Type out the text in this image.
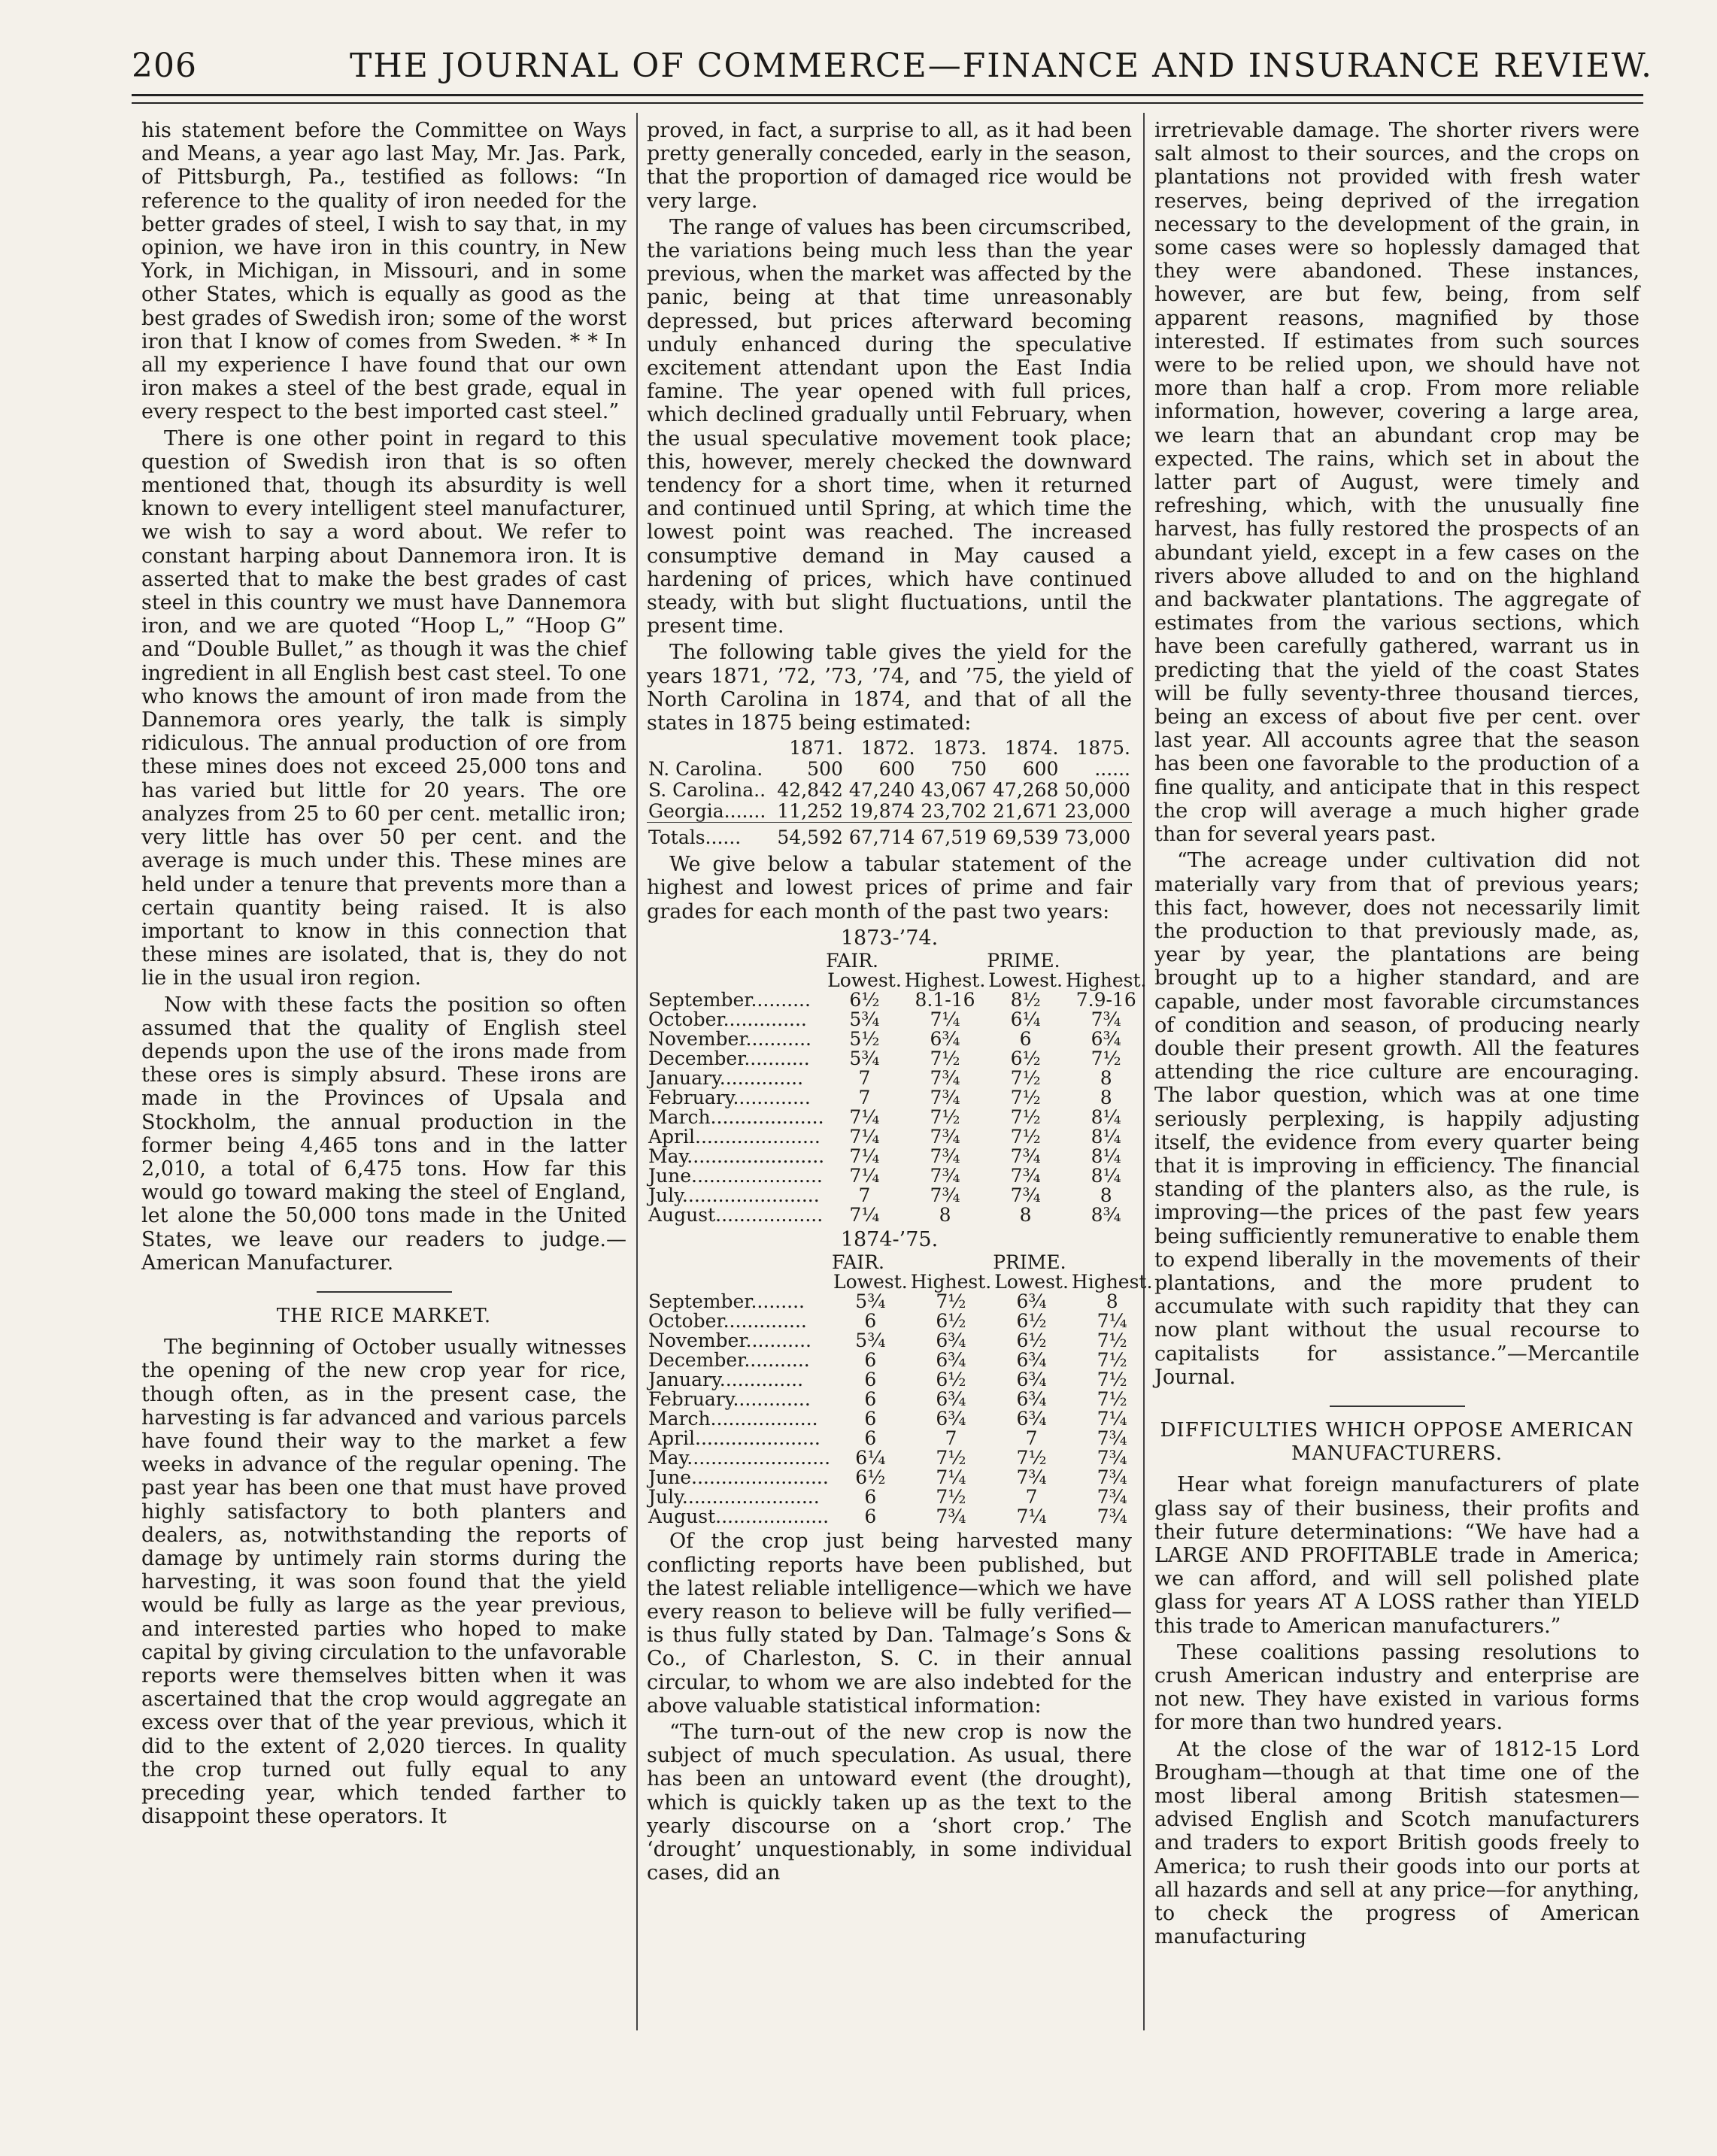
206	THE JOURNAL OF COMMERCE—FINANCE AND INSURANCE REVIEW.

his statement before the Committee on Ways and Means, a year ago last May, Mr. Jas. Park, of Pittsburgh, Pa., testified as follows: “In reference to the quality of iron needed for the better grades of steel, I wish to say that, in my opinion, we have iron in this country, in New York, in Michigan, in Missouri, and in some other States, which is equally as good as the best grades of Swedish iron; some of the worst iron that I know of comes from Sweden. * * In all my experience I have found that our own iron makes a steel of the best grade, equal in every respect to the best imported cast steel.”

There is one other point in regard to this question of Swedish iron that is so often mentioned that, though its absurdity is well known to every intelligent steel manufacturer, we wish to say a word about. We refer to constant harping about Dannemora iron. It is asserted that to make the best grades of cast steel in this country we must have Dannemora iron, and we are quoted “Hoop L,” “Hoop G” and “Double Bullet,” as though it was the chief ingredient in all English best cast steel. To one who knows the amount of iron made from the Dannemora ores yearly, the talk is simply ridiculous. The annual production of ore from these mines does not exceed 25,000 tons and has varied but little for 20 years. The ore analyzes from 25 to 60 per cent. metallic iron; very little has over 50 per cent. and the average is much under this. These mines are held under a tenure that prevents more than a certain quantity being raised. It is also important to know in this connection that these mines are isolated, that is, they do not lie in the usual iron region.

Now with these facts the position so often assumed that the quality of English steel depends upon the use of the irons made from these ores is simply absurd. These irons are made in the Provinces of Upsala and Stockholm, the annual production in the former being 4,465 tons and in the latter 2,010, a total of 6,475 tons. How far this would go toward making the steel of England, let alone the 50,000 tons made in the United States, we leave our readers to judge.—American Manufacturer.

THE RICE MARKET.

The beginning of October usually witnesses the opening of the new crop year for rice, though often, as in the present case, the harvesting is far advanced and various parcels have found their way to the market a few weeks in advance of the regular opening. The past year has been one that must have proved highly satisfactory to both planters and dealers, as, notwithstanding the reports of damage by untimely rain storms during the harvesting, it was soon found that the yield would be fully as large as the year previous, and interested parties who hoped to make capital by giving circulation to the unfavorable reports were themselves bitten when it was ascertained that the crop would aggregate an excess over that of the year previous, which it did to the extent of 2,020 tierces. In quality the crop turned out fully equal to any preceding year, which tended farther to disappoint these operators. It

proved, in fact, a surprise to all, as it had been pretty generally conceded, early in the season, that the proportion of damaged rice would be very large.

The range of values has been circumscribed, the variations being much less than the year previous, when the market was affected by the panic, being at that time unreasonably depressed, but prices afterward becoming unduly enhanced during the speculative excitement attendant upon the East India famine. The year opened with full prices, which declined gradually until February, when the usual speculative movement took place; this, however, merely checked the downward tendency for a short time, when it returned and continued until Spring, at which time the lowest point was reached. The increased consumptive demand in May caused a hardening of prices, which have continued steady, with but slight fluctuations, until the present time.

The following table gives the yield for the years 1871, ’72, ’73, ’74, and ’75, the yield of North Carolina in 1874, and that of all the states in 1875 being estimated:

	1871.	1872.	1873.	1874.	1875.
N. Carolina.	500	600	750	600	......
S. Carolina..	42,842	47,240	43,067	47,268	50,000
Georgia.......	11,252	19,874	23,702	21,671	23,000
Totals......	54,592	67,714	67,519	69,539	73,000

We give below a tabular statement of the highest and lowest prices of prime and fair grades for each month of the past two years:

1873-’74.
	FAIR.		PRIME.	
	Lowest.	Highest.	Lowest.	Highest.
September..........	6½	8.1-16	8½	7.9-16
October..............	5¾	7¼	6¼	7¾
November...........	5½	6¾	6	6¾
December...........	5¾	7½	6½	7½
January..............	7	7¾	7½	8
February.............	7	7¾	7½	8
March...................	7¼	7½	7½	8¼
April.....................	7¼	7¾	7½	8¼
May.......................	7¼	7¾	7¾	8¼
June......................	7¼	7¾	7¾	8¼
July.......................	7	7¾	7¾	8
August..................	7¼	8	8	8¾
1874-’75.
	FAIR.		PRIME.	
	Lowest.	Highest.	Lowest.	Highest.
September.........	5¾	7½	6¾	8
October..............	6	6½	6½	7¼
November...........	5¾	6¾	6½	7½
December...........	6	6¾	6¾	7½
January..............	6	6½	6¾	7½
February.............	6	6¾	6¾	7½
March..................	6	6¾	6¾	7¼
April.....................	6	7	7	7¾
May........................	6¼	7½	7½	7¾
June.......................	6½	7¼	7¾	7¾
July.......................	6	7½	7	7¾
August...................	6	7¾	7¼	7¾

Of the crop just being harvested many conflicting reports have been published, but the latest reliable intelligence—which we have every reason to believe will be fully verified—is thus fully stated by Dan. Talmage’s Sons & Co., of Charleston, S. C. in their annual circular, to whom we are also indebted for the above valuable statistical information:

“The turn-out of the new crop is now the subject of much speculation. As usual, there has been an untoward event (the drought), which is quickly taken up as the text to the yearly discourse on a ‘short crop.’ The ‘drought’ unquestionably, in some individual cases, did an

irretrievable damage. The shorter rivers were salt almost to their sources, and the crops on plantations not provided with fresh water reserves, being deprived of the irregation necessary to the development of the grain, in some cases were so hoplessly damaged that they were abandoned. These instances, however, are but few, being, from self apparent reasons, magnified by those interested. If estimates from such sources were to be relied upon, we should have not more than half a crop. From more reliable information, however, covering a large area, we learn that an abundant crop may be expected. The rains, which set in about the latter part of August, were timely and refreshing, which, with the unusually fine harvest, has fully restored the prospects of an abundant yield, except in a few cases on the rivers above alluded to and on the highland and backwater plantations. The aggregate of estimates from the various sections, which have been carefully gathered, warrant us in predicting that the yield of the coast States will be fully seventy-three thousand tierces, being an excess of about five per cent. over last year. All accounts agree that the season has been one favorable to the production of a fine quality, and anticipate that in this respect the crop will average a much higher grade than for several years past.

“The acreage under cultivation did not materially vary from that of previous years; this fact, however, does not necessarily limit the production to that previously made, as, year by year, the plantations are being brought up to a higher standard, and are capable, under most favorable circumstances of condition and season, of producing nearly double their present growth. All the features attending the rice culture are encouraging. The labor question, which was at one time seriously perplexing, is happily adjusting itself, the evidence from every quarter being that it is improving in efficiency. The financial standing of the planters also, as the rule, is improving—the prices of the past few years being sufficiently remunerative to enable them to expend liberally in the movements of their plantations, and the more prudent to accumulate with such rapidity that they can now plant without the usual recourse to capitalists for assistance.”—Mercantile Journal.

DIFFICULTIES WHICH OPPOSE AMERICAN MANUFACTURERS.

Hear what foreign manufacturers of plate glass say of their business, their profits and their future determinations: “We have had a LARGE AND PROFITABLE trade in America; we can afford, and will sell polished plate glass for years AT A LOSS rather than YIELD this trade to American manufacturers.”

These coalitions passing resolutions to crush American industry and enterprise are not new. They have existed in various forms for more than two hundred years.

At the close of the war of 1812-15 Lord Brougham—though at that time one of the most liberal among British statesmen—advised English and Scotch manufacturers and traders to export British goods freely to America; to rush their goods into our ports at all hazards and sell at any price—for anything, to check the progress of American manufacturing
